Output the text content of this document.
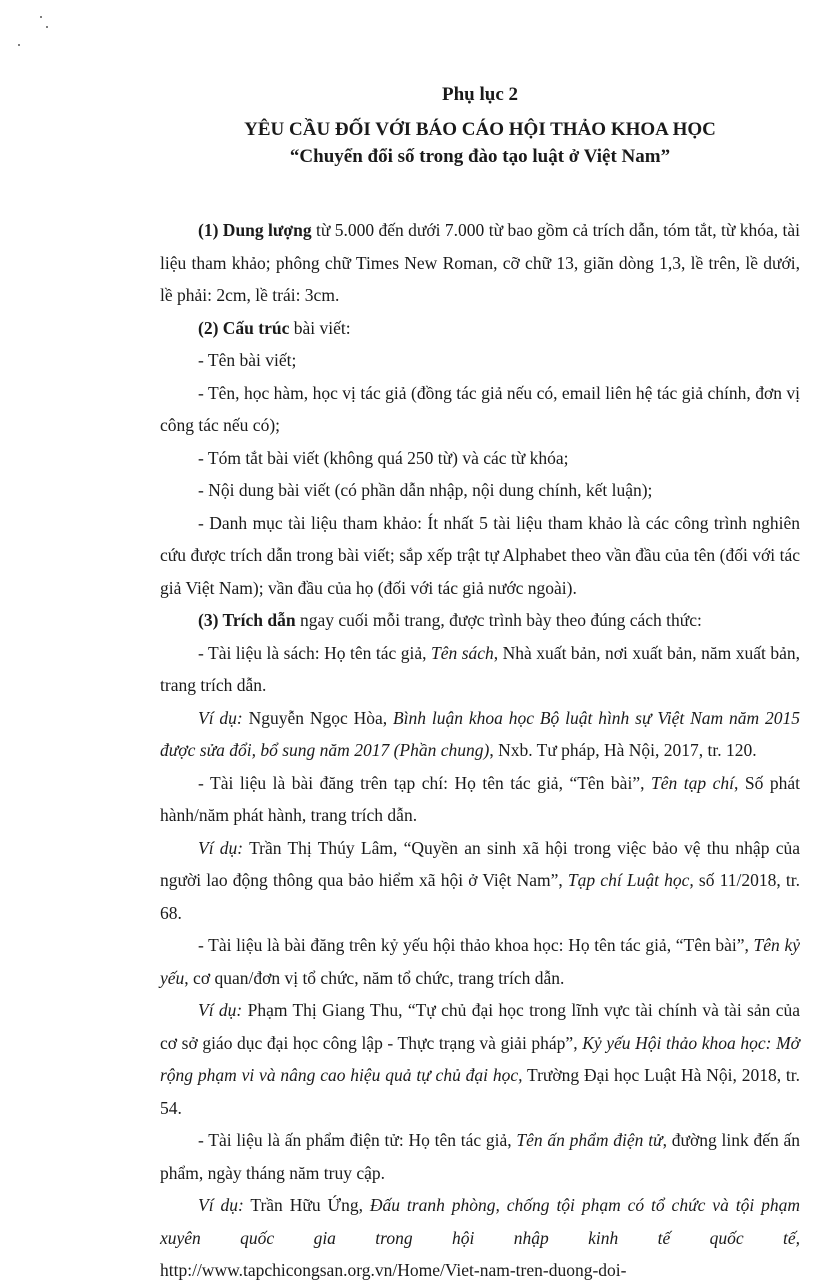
Phụ lục 2

YÊU CẦU ĐỐI VỚI BÁO CÁO HỘI THẢO KHOA HỌC

“Chuyển đổi số trong đào tạo luật ở Việt Nam”

(1) Dung lượng từ 5.000 đến dưới 7.000 từ bao gồm cả trích dẫn, tóm tắt, từ khóa, tài liệu tham khảo; phông chữ Times New Roman, cỡ chữ 13, giãn dòng 1,3, lề trên, lề dưới, lề phải: 2cm, lề trái: 3cm.

(2) Cấu trúc bài viết:

- Tên bài viết;

- Tên, học hàm, học vị tác giả (đồng tác giả nếu có, email liên hệ tác giả chính, đơn vị công tác nếu có);

- Tóm tắt bài viết (không quá 250 từ) và các từ khóa;

- Nội dung bài viết (có phần dẫn nhập, nội dung chính, kết luận);

- Danh mục tài liệu tham khảo: Ít nhất 5 tài liệu tham khảo là các công trình nghiên cứu được trích dẫn trong bài viết; sắp xếp trật tự Alphabet theo vần đầu của tên (đối với tác giả Việt Nam); vần đầu của họ (đối với tác giả nước ngoài).

(3) Trích dẫn ngay cuối mỗi trang, được trình bày theo đúng cách thức:

- Tài liệu là sách: Họ tên tác giả, Tên sách, Nhà xuất bản, nơi xuất bản, năm xuất bản, trang trích dẫn.

Ví dụ: Nguyễn Ngọc Hòa, Bình luận khoa học Bộ luật hình sự Việt Nam năm 2015 được sửa đổi, bổ sung năm 2017 (Phần chung), Nxb. Tư pháp, Hà Nội, 2017, tr. 120.

- Tài liệu là bài đăng trên tạp chí: Họ tên tác giả, “Tên bài”, Tên tạp chí, Số phát hành/năm phát hành, trang trích dẫn.

Ví dụ: Trần Thị Thúy Lâm, “Quyền an sinh xã hội trong việc bảo vệ thu nhập của người lao động thông qua bảo hiểm xã hội ở Việt Nam”, Tạp chí Luật học, số 11/2018, tr. 68.

- Tài liệu là bài đăng trên kỷ yếu hội thảo khoa học: Họ tên tác giả, “Tên bài”, Tên kỷ yếu, cơ quan/đơn vị tổ chức, năm tổ chức, trang trích dẫn.

Ví dụ: Phạm Thị Giang Thu, “Tự chủ đại học trong lĩnh vực tài chính và tài sản của cơ sở giáo dục đại học công lập - Thực trạng và giải pháp”, Kỷ yếu Hội thảo khoa học: Mở rộng phạm vi và nâng cao hiệu quả tự chủ đại học, Trường Đại học Luật Hà Nội, 2018, tr. 54.

- Tài liệu là ấn phẩm điện tử: Họ tên tác giả, Tên ấn phẩm điện tử, đường link đến ấn phẩm, ngày tháng năm truy cập.

Ví dụ: Trần Hữu Ứng, Đấu tranh phòng, chống tội phạm có tổ chức và tội phạm xuyên quốc gia trong hội nhập kinh tế quốc tế,

http://www.tapchicongsan.org.vn/Home/Viet-nam-tren-duong-doi-
